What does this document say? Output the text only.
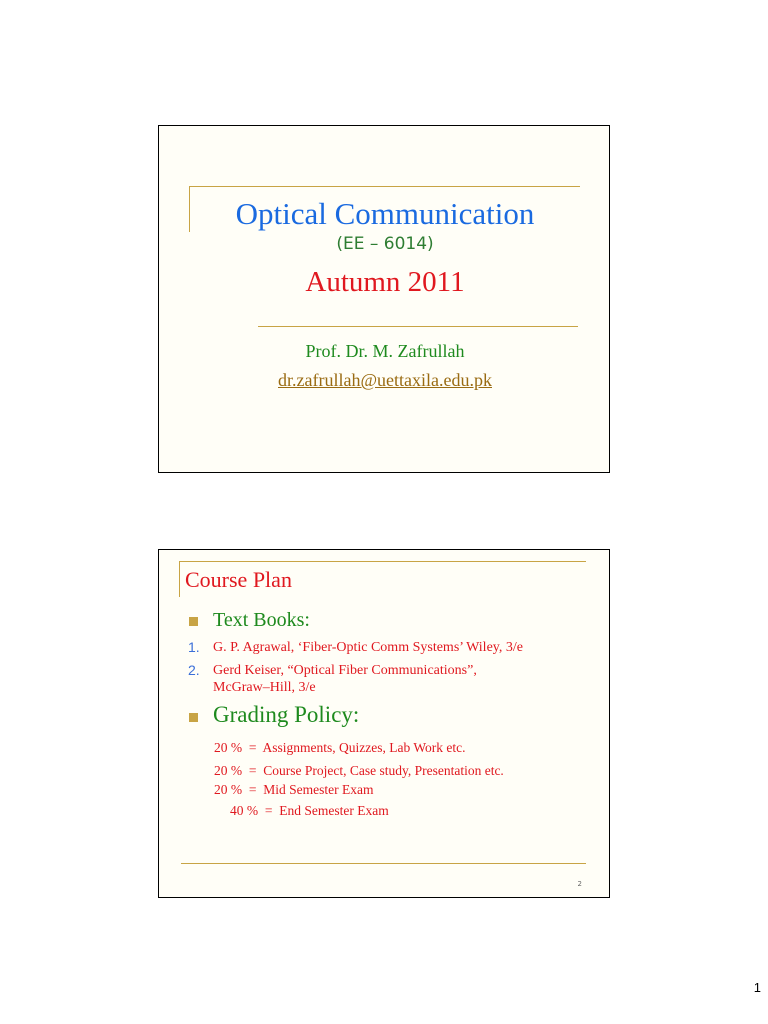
Optical Communication
(EE – 6014)
Autumn 2011
Prof. Dr. M. Zafrullah
dr.zafrullah@uettaxila.edu.pk
Course Plan
Text Books:
1. G. P. Agrawal, ‘Fiber-Optic Comm Systems’ Wiley, 3/e
2. Gerd Keiser, “Optical Fiber Communications”,
McGraw–Hill, 3/e
Grading Policy:
20 %  =  Assignments, Quizzes, Lab Work etc.
20 %  =  Course Project, Case study, Presentation etc.
20 %  =  Mid Semester Exam
40 %  =  End Semester Exam
2
1
